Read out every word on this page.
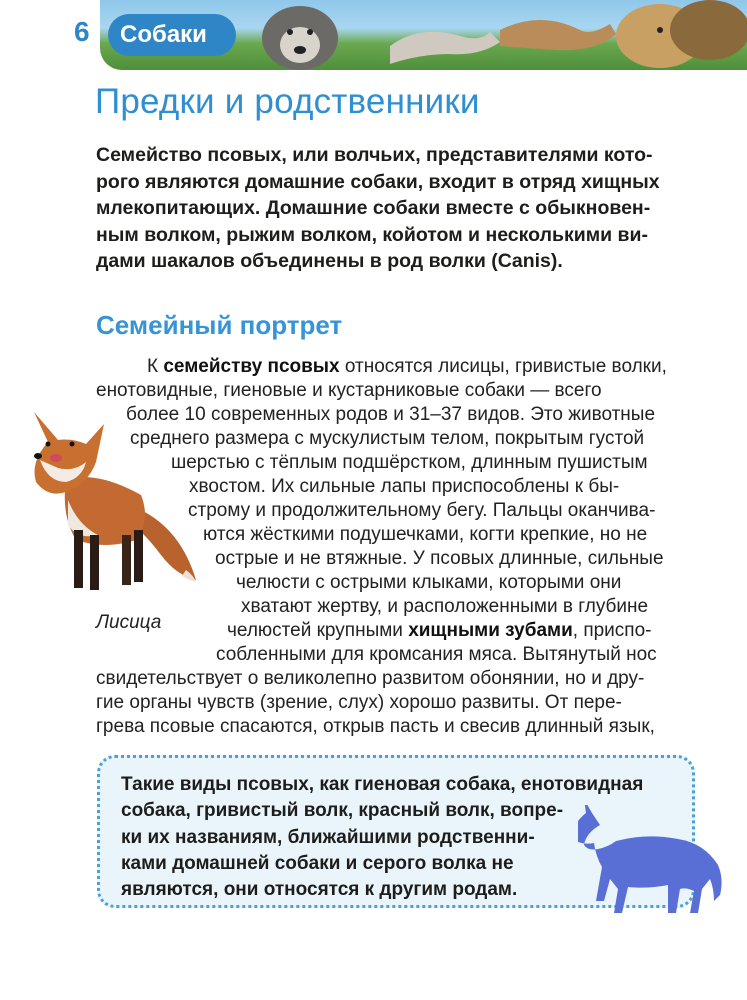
6	Собаки
Предки и родственники
Семейство псовых, или волчьих, представителями кото-
рого являются домашние собаки, входит в отряд хищных
млекопитающих. Домашние собаки вместе с обыкновен-
ным волком, рыжим волком, койотом и несколькими ви-
дами шакалов объединены в род волки (Canis).
Семейный портрет
К семейству псовых относятся лисицы, гривистые волки,
енотовидные, гиеновые и кустарниковые собаки — всего
более 10 современных родов и 31–37 видов. Это животные
среднего размера с мускулистым телом, покрытым густой
шерстью с тёплым подшёрстком, длинным пушистым
хвостом. Их сильные лапы приспособлены к бы-
строму и продолжительному бегу. Пальцы оканчива-
ются жёсткими подушечками, когти крепкие, но не
острые и не втяжные. У псовых длинные, сильные
челюсти с острыми клыками, которыми они
хватают жертву, и расположенными в глубине
челюстей крупными хищными зубами, приспо-
собленными для кромсания мяса. Вытянутый нос
свидетельствует о великолепно развитом обонянии, но и дру-
гие органы чувств (зрение, слух) хорошо развиты. От пере-
грева псовые спасаются, открыв пасть и свесив длинный язык,
Лисица
Такие виды псовых, как гиеновая собака, енотовидная
собака, гривистый волк, красный волк, вопре-
ки их названиям, ближайшими родственни-
ками домашней собаки и серого волка не
являются, они относятся к другим родам.
